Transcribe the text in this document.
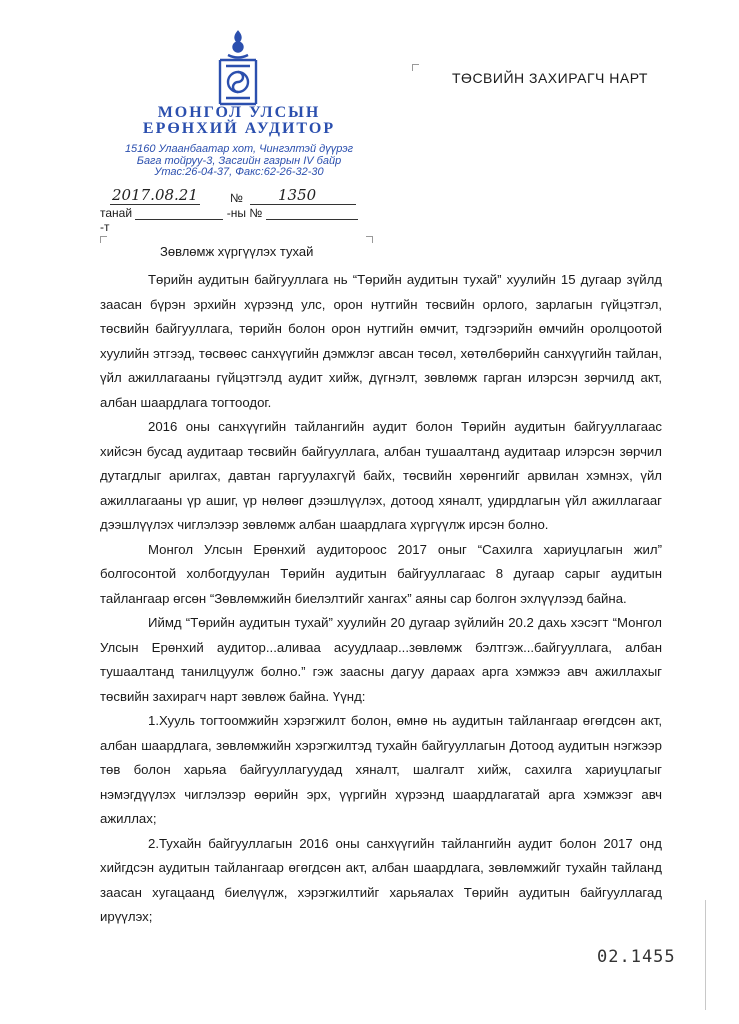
МОНГОЛ УЛСЫН
ЕРӨНХИЙ АУДИТОР
15160 Улаанбаатар хот, Чингэлтэй дүүрэг
Бага тойруу-3, Засгийн газрын IV байр
Утас:26-04-37, Факс:62-26-32-30
2017.08.21	№ 1350
танай	-ны №  -т
ТӨСВИЙН ЗАХИРАГЧ НАРТ
Зөвлөмж хүргүүлэх тухай

Төрийн аудитын байгууллага нь “Төрийн аудитын тухай” хуулийн 15 дугаар зүйлд заасан бүрэн эрхийн хүрээнд улс, орон нутгийн төсвийн орлого, зарлагын гүйцэтгэл, төсвийн байгууллага, төрийн болон орон нутгийн өмчит, тэдгээрийн өмчийн оролцоотой хуулийн этгээд, төсвөөс санхүүгийн дэмжлэг авсан төсөл, хөтөлбөрийн санхүүгийн тайлан, үйл ажиллагааны гүйцэтгэлд аудит хийж, дүгнэлт, зөвлөмж гарган илэрсэн зөрчилд акт, албан шаардлага тогтоодог.

2016 оны санхүүгийн тайлангийн аудит болон Төрийн аудитын байгууллагаас хийсэн бусад аудитаар төсвийн байгууллага, албан тушаалтанд аудитаар илэрсэн зөрчил дутагдлыг арилгах, давтан гаргуулахгүй байх, төсвийн хөрөнгийг арвилан хэмнэх, үйл ажиллагааны үр ашиг, үр нөлөөг дээшлүүлэх, дотоод хяналт, удирдлагын үйл ажиллагааг дээшлүүлэх чиглэлээр зөвлөмж албан шаардлага хүргүүлж ирсэн болно.

Монгол Улсын Ерөнхий аудитороос 2017 оныг “Сахилга хариуцлагын жил” болгосонтой холбогдуулан Төрийн аудитын байгууллагаас 8 дугаар сарыг аудитын тайлангаар өгсөн “Зөвлөмжийн биелэлтийг хангах” аяны сар болгон эхлүүлээд байна.

Иймд “Төрийн аудитын тухай” хуулийн 20 дугаар зүйлийн 20.2 дахь хэсэгт “Монгол Улсын Ерөнхий аудитор...аливаа асуудлаар...зөвлөмж бэлтгэж...байгууллага, албан тушаалтанд танилцуулж болно.” гэж заасны дагуу дараах арга хэмжээ авч ажиллахыг төсвийн захирагч нарт зөвлөж байна. Үүнд:

1.Хууль тогтоомжийн хэрэгжилт болон, өмнө нь аудитын тайлангаар өгөгдсөн акт, албан шаардлага, зөвлөмжийн хэрэгжилтэд тухайн байгууллагын Дотоод аудитын нэгжээр төв болон харьяа байгууллагуудад хяналт, шалгалт хийж, сахилга хариуцлагыг нэмэгдүүлэх чиглэлээр өөрийн эрх, үүргийн хүрээнд шаардлагатай арга хэмжээг авч ажиллах;

2.Тухайн байгууллагын 2016 оны санхүүгийн тайлангийн аудит болон 2017 онд хийгдсэн аудитын тайлангаар өгөгдсөн акт, албан шаардлага, зөвлөмжийг тухайн тайланд заасан хугацаанд биелүүлж, хэрэгжилтийг харьяалах Төрийн аудитын байгууллагад ирүүлэх;

02.1455
